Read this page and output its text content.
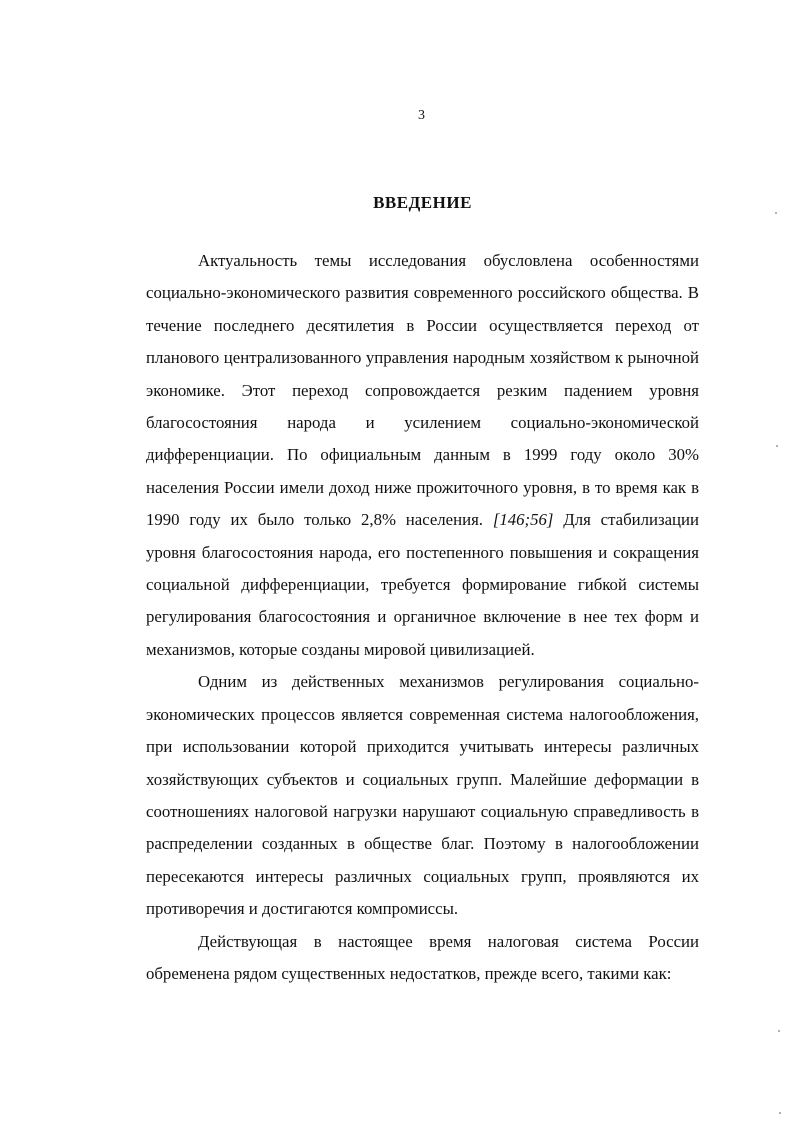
3
ВВЕДЕНИЕ

Актуальность темы исследования обусловлена особенностями социально-экономического развития современного российского общества. В течение последнего десятилетия в России осуществляется переход от планового централизованного управления народным хозяйством к рыночной экономике. Этот переход сопровождается резким падением уровня благосостояния народа и усилением социально-экономической дифференциации. По официальным данным в 1999 году около 30% населения России имели доход ниже прожиточного уровня, в то время как в 1990 году их было только 2,8% населения. [146;56] Для стабилизации уровня благосостояния народа, его постепенного повышения и сокращения социальной дифференциации, требуется формирование гибкой системы регулирования благосостояния и органичное включение в нее тех форм и механизмов, которые созданы мировой цивилизацией.

Одним из действенных механизмов регулирования социально-экономических процессов является современная система налогообложения, при использовании которой приходится учитывать интересы различных хозяйствующих субъектов и социальных групп. Малейшие деформации в соотношениях налоговой нагрузки нарушают социальную справедливость в распределении созданных в обществе благ. Поэтому в налогообложении пересекаются интересы различных социальных групп, проявляются их противоречия и достигаются компромиссы.

Действующая в настоящее время налоговая система России обременена рядом существенных недостатков, прежде всего, такими как:
